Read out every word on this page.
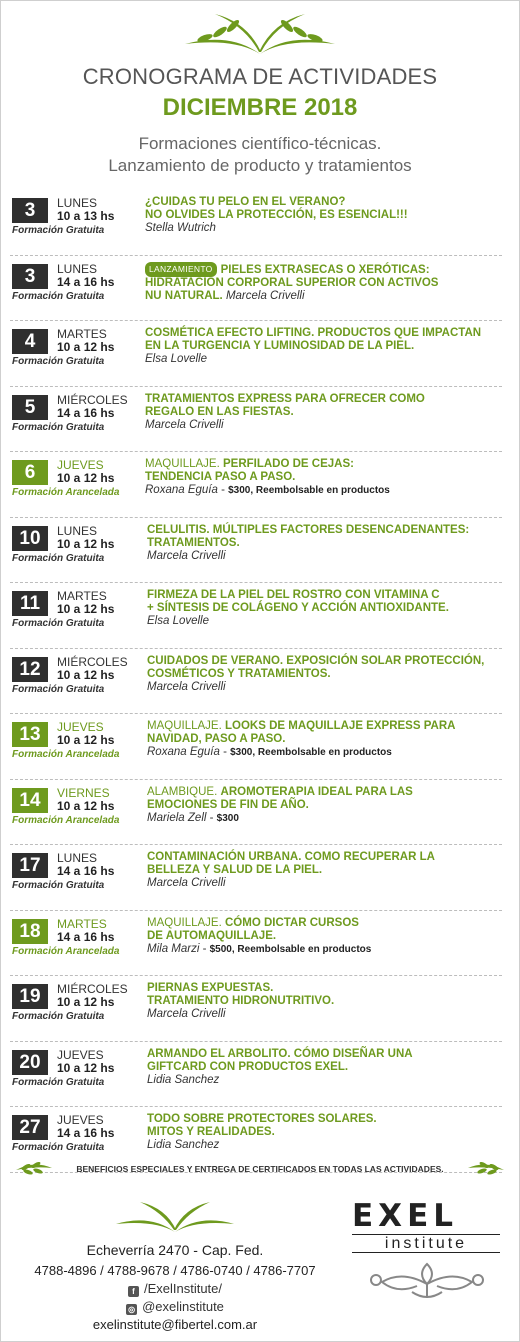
CRONOGRAMA DE ACTIVIDADES
DICIEMBRE 2018
Formaciones científico-técnicas.
Lanzamiento de producto y tratamientos
3	LUNES
10 a 13 hs
Formación Gratuita
¿CUIDAS TU PELO EN EL VERANO?
NO OLVIDES LA PROTECCIÓN, ES ESENCIAL!!!
Stella Wutrich
3	LUNES
14 a 16 hs
Formación Gratuita
LANZAMIENTO PIELES EXTRASECAS O XERÓTICAS:
HIDRATACIÓN CORPORAL SUPERIOR CON ACTIVOS
NU NATURAL. Marcela Crivelli
4	MARTES
10 a 12 hs
Formación Gratuita
COSMÉTICA EFECTO LIFTING. PRODUCTOS QUE IMPACTAN
EN LA TURGENCIA Y LUMINOSIDAD DE LA PIEL.
Elsa Lovelle
5	MIÉRCOLES
14 a 16 hs
Formación Gratuita
TRATAMIENTOS EXPRESS PARA OFRECER COMO
REGALO EN LAS FIESTAS.
Marcela Crivelli
6	JUEVES
10 a 12 hs
Formación Arancelada
MAQUILLAJE. PERFILADO DE CEJAS:
TENDENCIA PASO A PASO.
Roxana Eguía - $300, Reembolsable en productos
10	LUNES
10 a 12 hs
Formación Gratuita
CELULITIS. MÚLTIPLES FACTORES DESENCADENANTES:
TRATAMIENTOS.
Marcela Crivelli
11	MARTES
10 a 12 hs
Formación Gratuita
FIRMEZA DE LA PIEL DEL ROSTRO CON VITAMINA C
+ SÍNTESIS DE COLÁGENO Y ACCIÓN ANTIOXIDANTE.
Elsa Lovelle
12	MIÉRCOLES
10 a 12 hs
Formación Gratuita
CUIDADOS DE VERANO. EXPOSICIÓN SOLAR PROTECCIÓN,
COSMÉTICOS Y TRATAMIENTOS.
Marcela Crivelli
13	JUEVES
10 a 12 hs
Formación Arancelada
MAQUILLAJE. LOOKS DE MAQUILLAJE EXPRESS PARA
NAVIDAD, PASO A PASO.
Roxana Eguía - $300, Reembolsable en productos
14	VIERNES
10 a 12 hs
Formación Arancelada
ALAMBIQUE. AROMOTERAPIA IDEAL PARA LAS
EMOCIONES DE FIN DE AÑO.
Mariela Zell - $300
17	LUNES
14 a 16 hs
Formación Gratuita
CONTAMINACIÓN URBANA. COMO RECUPERAR LA
BELLEZA Y SALUD DE LA PIEL.
Marcela Crivelli
18	MARTES
14 a 16 hs
Formación Arancelada
MAQUILLAJE. CÓMO DICTAR CURSOS
DE AUTOMAQUILLAJE.
Mila Marzi - $500, Reembolsable en productos
19	MIÉRCOLES
10 a 12 hs
Formación Gratuita
PIERNAS EXPUESTAS.
TRATAMIENTO HIDRONUTRITIVO.
Marcela Crivelli
20	JUEVES
10 a 12 hs
Formación Gratuita
ARMANDO EL ARBOLITO. CÓMO DISEÑAR UNA
GIFTCARD CON PRODUCTOS EXEL.
Lidia Sanchez
27	JUEVES
14 a 16 hs
Formación Gratuita
TODO SOBRE PROTECTORES SOLARES.
MITOS Y REALIDADES.
Lidia Sanchez
BENEFICIOS ESPECIALES Y ENTREGA DE CERTIFICADOS EN TODAS LAS ACTIVIDADES.
Echeverría 2470 - Cap. Fed.
4788-4896 / 4788-9678 / 4786-0740 / 4786-7707
f /ExelInstitute/
◎ @exelinstitute
exelinstitute@fibertel.com.ar
EXEL
institute
